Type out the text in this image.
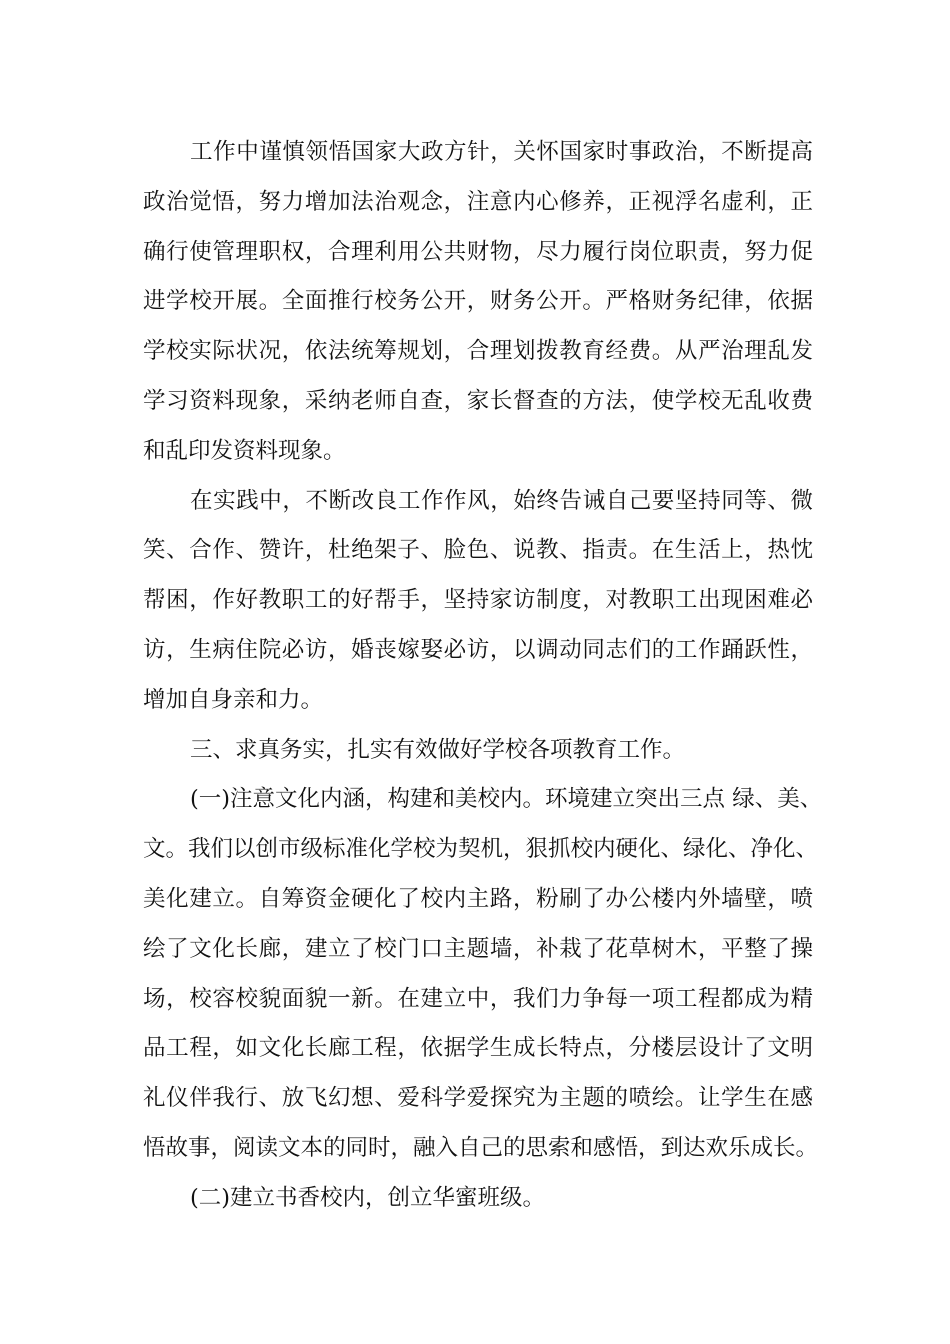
工作中谨慎领悟国家大政方针，关怀国家时事政治，不断提高
政治觉悟，努力增加法治观念，注意内心修养，正视浮名虚利，正
确行使管理职权，合理利用公共财物，尽力履行岗位职责，努力促
进学校开展。全面推行校务公开，财务公开。严格财务纪律，依据
学校实际状况，依法统筹规划，合理划拨教育经费。从严治理乱发
学习资料现象，采纳老师自查，家长督查的方法，使学校无乱收费
和乱印发资料现象。
在实践中，不断改良工作作风，始终告诫自己要坚持同等、微
笑、合作、赞许，杜绝架子、脸色、说教、指责。在生活上，热忱
帮困，作好教职工的好帮手，坚持家访制度，对教职工出现困难必
访，生病住院必访，婚丧嫁娶必访，以调动同志们的工作踊跃性，
增加自身亲和力。
三、求真务实，扎实有效做好学校各项教育工作。
(一)注意文化内涵，构建和美校内。环境建立突出三点 绿、美、
文。我们以创市级标准化学校为契机，狠抓校内硬化、绿化、净化、
美化建立。自筹资金硬化了校内主路，粉刷了办公楼内外墙壁，喷
绘了文化长廊，建立了校门口主题墙，补栽了花草树木，平整了操
场，校容校貌面貌一新。在建立中，我们力争每一项工程都成为精
品工程，如文化长廊工程，依据学生成长特点，分楼层设计了文明
礼仪伴我行、放飞幻想、爱科学爱探究为主题的喷绘。让学生在感
悟故事，阅读文本的同时，融入自己的思索和感悟，到达欢乐成长。
(二)建立书香校内，创立华蜜班级。
